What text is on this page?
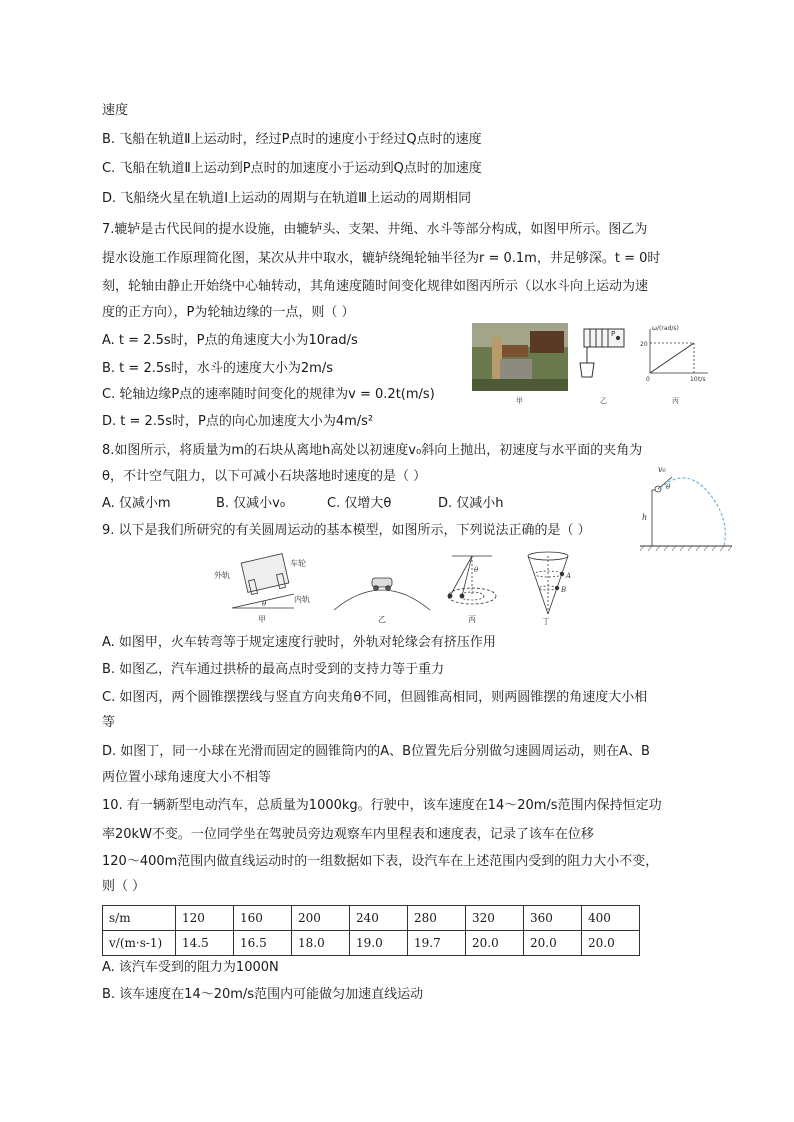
速度
B. 飞船在轨道Ⅱ上运动时，经过P点时的速度小于经过Q点时的速度
C. 飞船在轨道Ⅱ上运动到P点时的加速度小于运动到Q点时的加速度
D. 飞船绕火星在轨道Ⅰ上运动的周期与在轨道Ⅲ上运动的周期相同
7.辘轳是古代民间的提水设施，由辘轳头、支架、井绳、水斗等部分构成，如图甲所示。图乙为
提水设施工作原理简化图，某次从井中取水，辘轳绕绳轮轴半径为r = 0.1m，井足够深。t = 0时
刻，轮轴由静止开始绕中心轴转动，其角速度随时间变化规律如图丙所示（以水斗向上运动为速
度的正方向），P为轮轴边缘的一点，则（ ）
A. t = 2.5s时，P点的角速度大小为10rad/s
B. t = 2.5s时，水斗的速度大小为2m/s
C. 轮轴边缘P点的速率随时间变化的规律为v = 0.2t(m/s)
D. t = 2.5s时，P点的向心加速度大小为4m/s²
P
ω/(rad/s)
20
0	10 t/s
甲	乙	丙
8.如图所示，将质量为m的石块从离地h高处以初速度v₀斜向上抛出，初速度与水平面的夹角为
θ，不计空气阻力，以下可减小石块落地时速度的是（ ）
A. 仅减小m	B. 仅减小v₀	C. 仅增大θ	D. 仅减小h
v₀
θ
h
9. 以下是我们所研究的有关圆周运动的基本模型，如图所示，下列说法正确的是（ ）
外轨
车轮
内轨
θ
甲	乙
θ
丙
A
B
丁
A. 如图甲，火车转弯等于规定速度行驶时，外轨对轮缘会有挤压作用
B. 如图乙，汽车通过拱桥的最高点时受到的支持力等于重力
C. 如图丙，两个圆锥摆摆线与竖直方向夹角θ不同，但圆锥高相同，则两圆锥摆的角速度大小相
等
D. 如图丁，同一小球在光滑而固定的圆锥筒内的A、B位置先后分别做匀速圆周运动，则在A、B
两位置小球角速度大小不相等
10. 有一辆新型电动汽车，总质量为1000kg。行驶中，该车速度在14～20m/s范围内保持恒定功
率20kW不变。一位同学坐在驾驶员旁边观察车内里程表和速度表，记录了该车在位移
120～400m范围内做直线运动时的一组数据如下表，设汽车在上述范围内受到的阻力大小不变，
则（ ）
s/m	120	160	200	240	280	320	360	400
v/(m·s-1)	14.5	16.5	18.0	19.0	19.7	20.0	20.0	20.0
A. 该汽车受到的阻力为1000N
B. 该车速度在14～20m/s范围内可能做匀加速直线运动
